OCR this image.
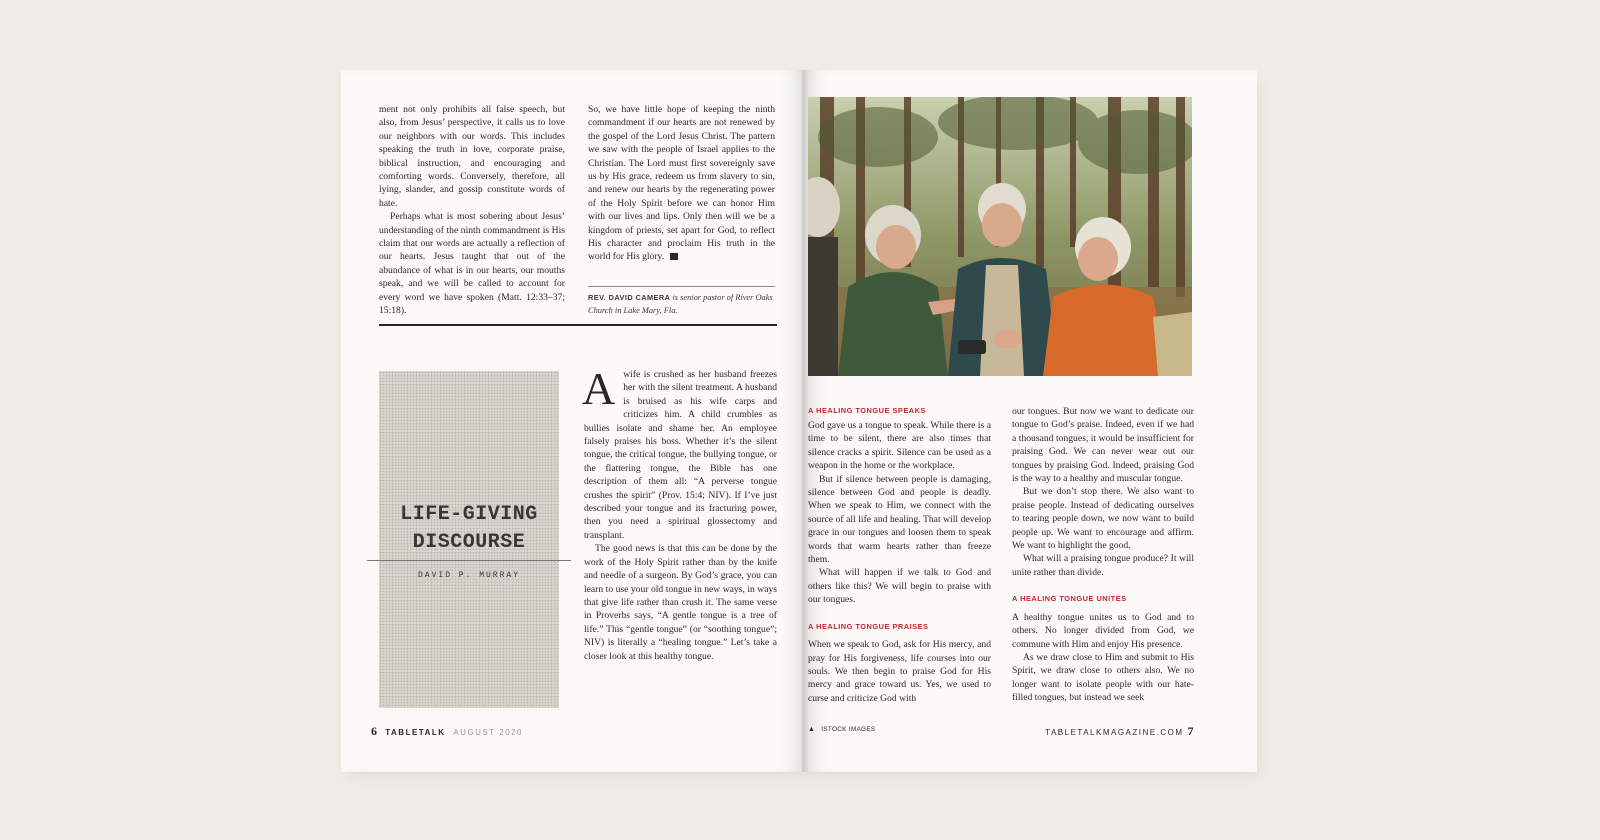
ment not only prohibits all false speech, but also, from Jesus’ perspective, it calls us to love our neighbors with our words. This includes speaking the truth in love, corporate praise, biblical instruction, and encouraging and comforting words. Conversely, therefore, all lying, slander, and gossip constitute words of hate.

Perhaps what is most sobering about Jesus’ understanding of the ninth commandment is His claim that our words are actually a reflection of our hearts. Jesus taught that out of the abundance of what is in our hearts, our mouths speak, and we will be called to account for every word we have spoken (Matt. 12:33–37; 15:18).

So, we have little hope of keeping the ninth commandment if our hearts are not renewed by the gospel of the Lord Jesus Christ. The pattern we saw with the people of Israel applies to the Christian. The Lord must first sovereignly save us by His grace, redeem us from slavery to sin, and renew our hearts by the regenerating power of the Holy Spirit before we can honor Him with our lives and lips. Only then will we be a kingdom of priests, set apart for God, to reflect His character and proclaim His truth in the world for His glory.

REV. DAVID CAMERA is senior pastor of River Oaks Church in Lake Mary, Fla.
LIFE-GIVING
DISCOURSE
DAVID P. MURRAY

Awife is crushed as her husband freezes her with the silent treatment. A husband is bruised as his wife carps and criticizes him. A child crumbles as bullies isolate and shame her. An employee falsely praises his boss. Whether it’s the silent tongue, the critical tongue, the bullying tongue, or the flattering tongue, the Bible has one description of them all: “A perverse tongue crushes the spirit” (Prov. 15:4; NIV). If I’ve just described your tongue and its fracturing power, then you need a spiritual glossectomy and transplant.

The good news is that this can be done by the work of the Holy Spirit rather than by the knife and needle of a surgeon. By God’s grace, you can learn to use your old tongue in new ways, in ways that give life rather than crush it. The same verse in Proverbs says, “A gentle tongue is a tree of life.” This “gentle tongue” (or “soothing tongue”; NIV) is literally a “healing tongue.” Let’s take a closer look at this healthy tongue.

6 TABLETALK AUGUST 2020
A HEALING TONGUE SPEAKS

God gave us a tongue to speak. While there is a time to be silent, there are also times that silence cracks a spirit. Silence can be used as a weapon in the home or the workplace.

But if silence between people is damaging, silence between God and people is deadly. When we speak to Him, we connect with the source of all life and healing. That will develop grace in our tongues and loosen them to speak words that warm hearts rather than freeze them.

What will happen if we talk to God and others like this? We will begin to praise with our tongues.

A HEALING TONGUE PRAISES

When we speak to God, ask for His mercy, and pray for His forgiveness, life courses into our souls. We then begin to praise God for His mercy and grace toward us. Yes, we used to curse and criticize God with

our tongues. But now we want to dedicate our tongue to God’s praise. Indeed, even if we had a thousand tongues, it would be insufficient for praising God. We can never wear out our tongues by praising God. Indeed, praising God is the way to a healthy and muscular tongue.

But we don’t stop there. We also want to praise people. Instead of dedicating ourselves to tearing people down, we now want to build people up. We want to encourage and affirm. We want to highlight the good.

What will a praising tongue produce? It will unite rather than divide.

A HEALING TONGUE UNITES

A healthy tongue unites us to God and to others. No longer divided from God, we commune with Him and enjoy His presence.

As we draw close to Him and submit to His Spirit, we draw close to others also. We no longer want to isolate people with our hate-filled tongues, but instead we seek

▲ ISTOCK IMAGES	TABLETALKMAGAZINE.COM 7
